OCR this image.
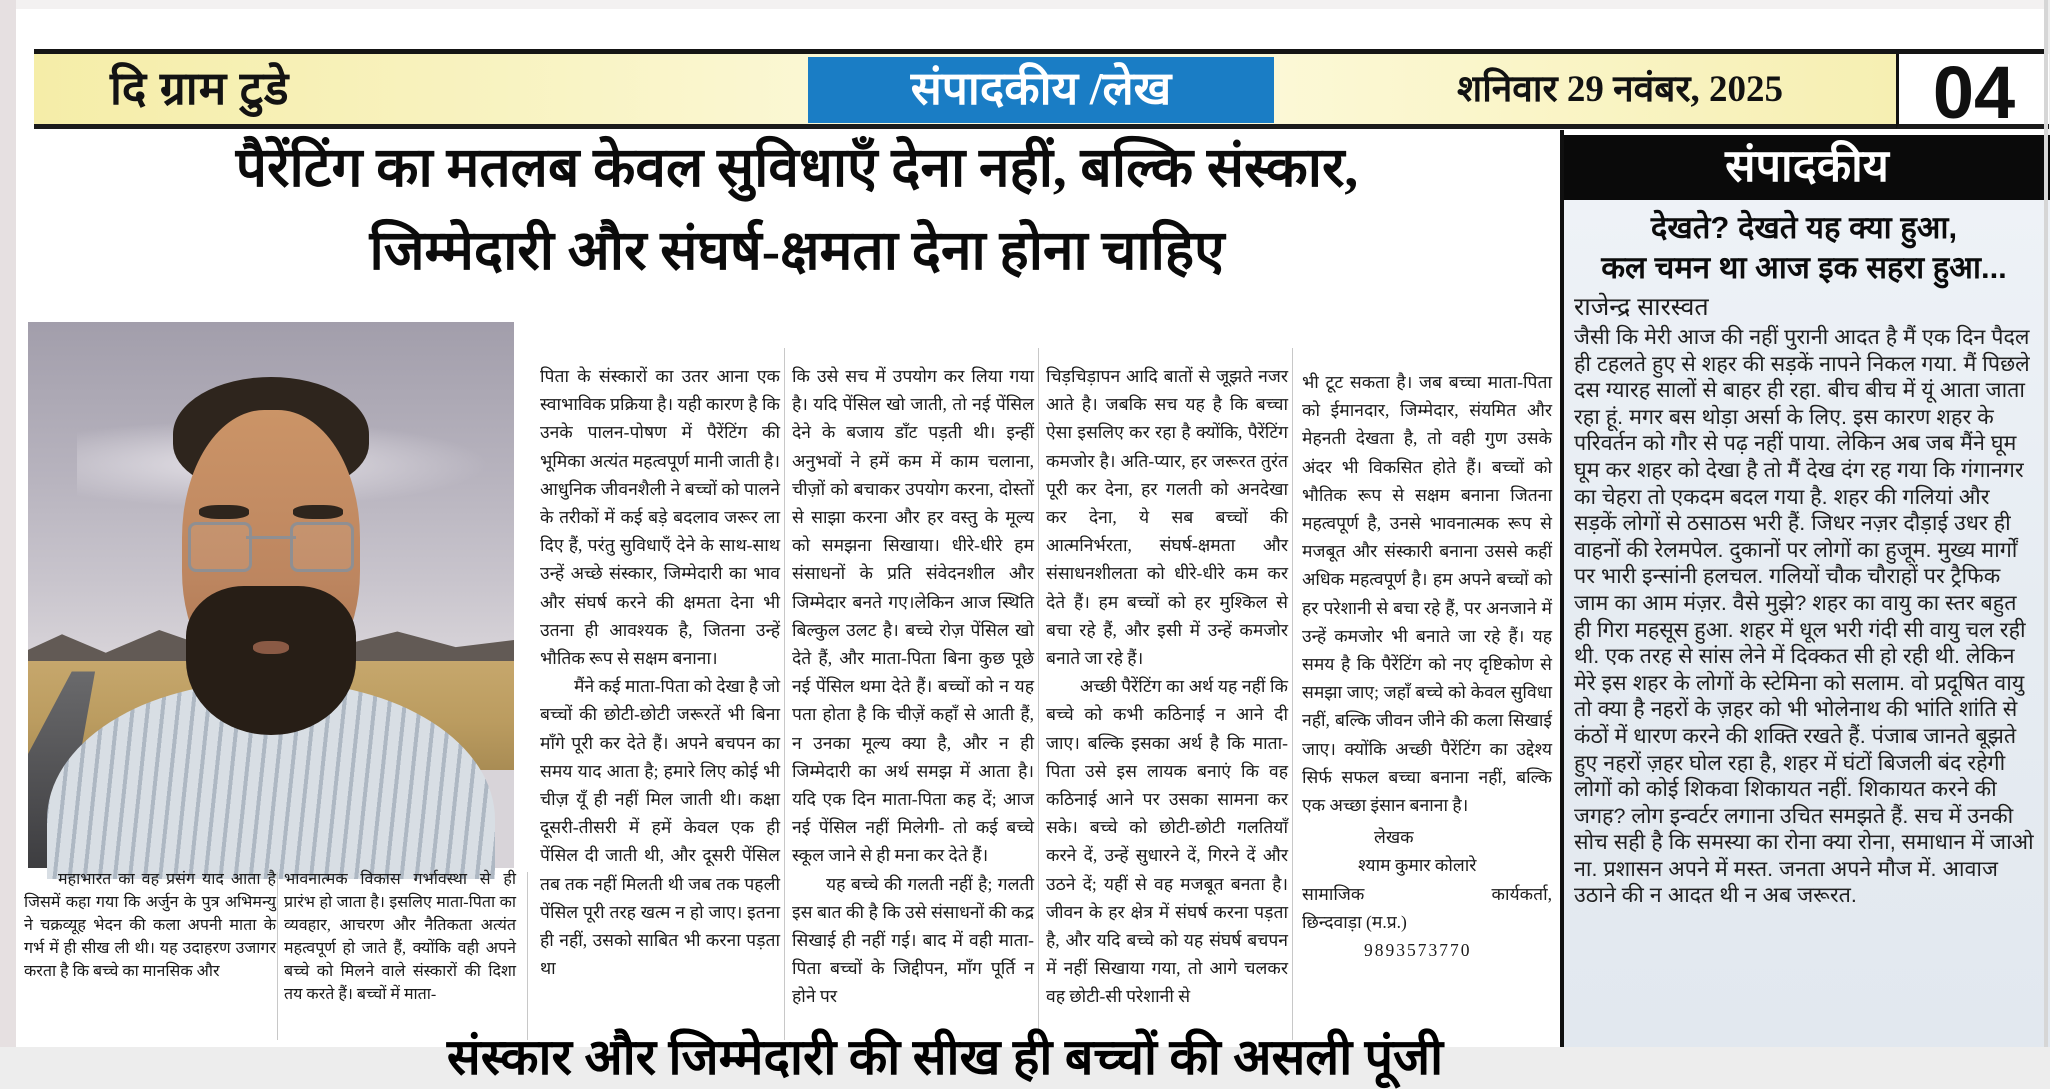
दि ग्राम टुडे	संपादकीय /लेख	शनिवार 29 नवंबर, 2025	04
पैरेंटिंग का मतलब केवल सुविधाएँ देना नहीं, बल्कि संस्कार,
जिम्मेदारी और संघर्ष-क्षमता देना होना चाहिए

महाभारत का वह प्रसंग याद आता है जिसमें कहा गया कि अर्जुन के पुत्र अभिमन्यु ने चक्रव्यूह भेदन की कला अपनी माता के गर्भ में ही सीख ली थी। यह उदाहरण उजागर करता है कि बच्चे का मानसिक और

भावनात्मक विकास गर्भावस्था से ही प्रारंभ हो जाता है। इसलिए माता-पिता का व्यवहार, आचरण और नैतिकता अत्यंत महत्वपूर्ण हो जाते हैं, क्योंकि वही अपने बच्चे को मिलने वाले संस्कारों की दिशा तय करते हैं। बच्चों में माता-

पिता के संस्कारों का उतर आना एक स्वाभाविक प्रक्रिया है। यही कारण है कि उनके पालन-पोषण में पैरेंटिंग की भूमिका अत्यंत महत्वपूर्ण मानी जाती है। आधुनिक जीवनशैली ने बच्चों को पालने के तरीकों में कई बड़े बदलाव जरूर ला दिए हैं, परंतु सुविधाएँ देने के साथ-साथ उन्हें अच्छे संस्कार, जिम्मेदारी का भाव और संघर्ष करने की क्षमता देना भी उतना ही आवश्यक है, जितना उन्हें भौतिक रूप से सक्षम बनाना।

मैंने कई माता-पिता को देखा है जो बच्चों की छोटी-छोटी जरूरतें भी बिना माँगे पूरी कर देते हैं। अपने बचपन का समय याद आता है; हमारे लिए कोई भी चीज़ यूँ ही नहीं मिल जाती थी। कक्षा दूसरी-तीसरी में हमें केवल एक ही पेंसिल दी जाती थी, और दूसरी पेंसिल तब तक नहीं मिलती थी जब तक पहली पेंसिल पूरी तरह खत्म न हो जाए। इतना ही नहीं, उसको साबित भी करना पड़ता था

कि उसे सच में उपयोग कर लिया गया है। यदि पेंसिल खो जाती, तो नई पेंसिल देने के बजाय डाँट पड़ती थी। इन्हीं अनुभवों ने हमें कम में काम चलाना, चीज़ों को बचाकर उपयोग करना, दोस्तों से साझा करना और हर वस्तु के मूल्य को समझना सिखाया। धीरे-धीरे हम संसाधनों के प्रति संवेदनशील और जिम्मेदार बनते गए।लेकिन आज स्थिति बिल्कुल उलट है। बच्चे रोज़ पेंसिल खो देते हैं, और माता-पिता बिना कुछ पूछे नई पेंसिल थमा देते हैं। बच्चों को न यह पता होता है कि चीज़ें कहाँ से आती हैं, न उनका मूल्य क्या है, और न ही जिम्मेदारी का अर्थ समझ में आता है। यदि एक दिन माता-पिता कह दें; आज नई पेंसिल नहीं मिलेगी- तो कई बच्चे स्कूल जाने से ही मना कर देते हैं।

यह बच्चे की गलती नहीं है; गलती इस बात की है कि उसे संसाधनों की कद्र सिखाई ही नहीं गई। बाद में वही माता-पिता बच्चों के जिद्दीपन, माँग पूर्ति न होने पर

चिड़चिड़ापन आदि बातों से जूझते नजर आते है। जबकि सच यह है कि बच्चा ऐसा इसलिए कर रहा है क्योंकि, पैरेंटिंग कमजोर है। अति-प्यार, हर जरूरत तुरंत पूरी कर देना, हर गलती को अनदेखा कर देना, ये सब बच्चों की आत्मनिर्भरता, संघर्ष-क्षमता और संसाधनशीलता को धीरे-धीरे कम कर देते हैं। हम बच्चों को हर मुश्किल से बचा रहे हैं, और इसी में उन्हें कमजोर बनाते जा रहे हैं।

अच्छी पैरेंटिंग का अर्थ यह नहीं कि बच्चे को कभी कठिनाई न आने दी जाए। बल्कि इसका अर्थ है कि माता-पिता उसे इस लायक बनाएं कि वह कठिनाई आने पर उसका सामना कर सके। बच्चे को छोटी-छोटी गलतियाँ करने दें, उन्हें सुधारने दें, गिरने दें और उठने दें; यहीं से वह मजबूत बनता है। जीवन के हर क्षेत्र में संघर्ष करना पड़ता है, और यदि बच्चे को यह संघर्ष बचपन में नहीं सिखाया गया, तो आगे चलकर वह छोटी-सी परेशानी से

भी टूट सकता है। जब बच्चा माता-पिता को ईमानदार, जिम्मेदार, संयमित और मेहनती देखता है, तो वही गुण उसके अंदर भी विकसित होते हैं। बच्चों को भौतिक रूप से सक्षम बनाना जितना महत्वपूर्ण है, उनसे भावनात्मक रूप से मजबूत और संस्कारी बनाना उससे कहीं अधिक महत्वपूर्ण है। हम अपने बच्चों को हर परेशानी से बचा रहे हैं, पर अनजाने में उन्हें कमजोर भी बनाते जा रहे हैं। यह समय है कि पैरेंटिंग को नए दृष्टिकोण से समझा जाए; जहाँ बच्चे को केवल सुविधा नहीं, बल्कि जीवन जीने की कला सिखाई जाए। क्योंकि अच्छी पैरेंटिंग का उद्देश्य सिर्फ सफल बच्चा बनाना नहीं, बल्कि एक अच्छा इंसान बनाना है।

लेखक
श्याम कुमार कोलारे
सामाजिक कार्यकर्ता,
छिन्दवाड़ा (म.प्र.)
9893573770
संस्कार और जिम्मेदारी की सीख ही बच्चों की असली पूंजी
संपादकीय
देखते? देखते यह क्या हुआ,
कल चमन था आज इक सहरा हुआ...
राजेन्द्र सारस्वत
जैसी कि मेरी आज की नहीं पुरानी आदत है मैं एक दिन पैदल ही टहलते हुए से शहर की सड़कें नापने निकल गया. मैं पिछले दस ग्यारह सालों से बाहर ही रहा. बीच बीच में यूं आता जाता रहा हूं. मगर बस थोड़ा अर्सा के लिए. इस कारण शहर के परिवर्तन को गौर से पढ़ नहीं पाया. लेकिन अब जब मैंने घूम घूम कर शहर को देखा है तो मैं देख दंग रह गया कि गंगानगर का चेहरा तो एकदम बदल गया है. शहर की गलियां और सड़कें लोगों से ठसाठस भरी हैं. जिधर नज़र दौड़ाई उधर ही वाहनों की रेलमपेल. दुकानों पर लोगों का हुजूम. मुख्य मार्गों पर भारी इन्सांनी हलचल. गलियों चौक चौराहों पर ट्रैफिक जाम का आम मंज़र. वैसे मुझे? शहर का वायु का स्तर बहुत ही गिरा महसूस हुआ. शहर में धूल भरी गंदी सी वायु चल रही थी. एक तरह से सांस लेने में दिक्कत सी हो रही थी. लेकिन मेरे इस शहर के लोगों के स्टेमिना को सलाम. वो प्रदूषित वायु तो क्या है नहरों के ज़हर को भी भोलेनाथ की भांति शांति से कंठों में धारण करने की शक्ति रखते हैं. पंजाब जानते बूझते हुए नहरों ज़हर घोल रहा है, शहर में घंटों बिजली बंद रहेगी लोगों को कोई शिकवा शिकायत नहीं. शिकायत करने की जगह? लोग इन्वर्टर लगाना उचित समझते हैं. सच में उनकी सोच सही है कि समस्या का रोना क्या रोना, समाधान में जाओ ना. प्रशासन अपने में मस्त. जनता अपने मौज में. आवाज उठाने की न आदत थी न अब जरूरत.
